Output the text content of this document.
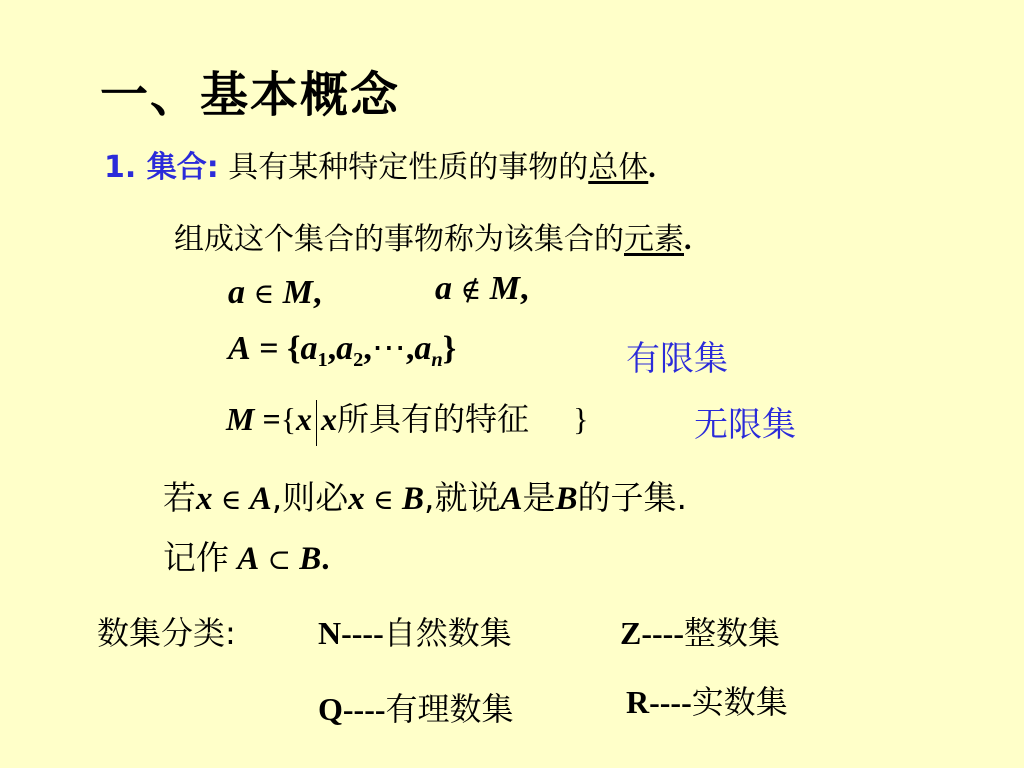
一、基本概念
1. 集合: 具有某种特定性质的事物的总体.
组成这个集合的事物称为该集合的元素.
a ∈ M,	a ∉ M,
$A = \{a_1,a_2,\cdots,a_n\}$	有限集
M ={x x所具有的特征 }	无限集
若x ∈ A,则必x ∈ B,就说A是B的子集.
记作 A ⊂ B.
数集分类:	N----自然数集	Z----整数集
Q----有理数集	R----实数集
